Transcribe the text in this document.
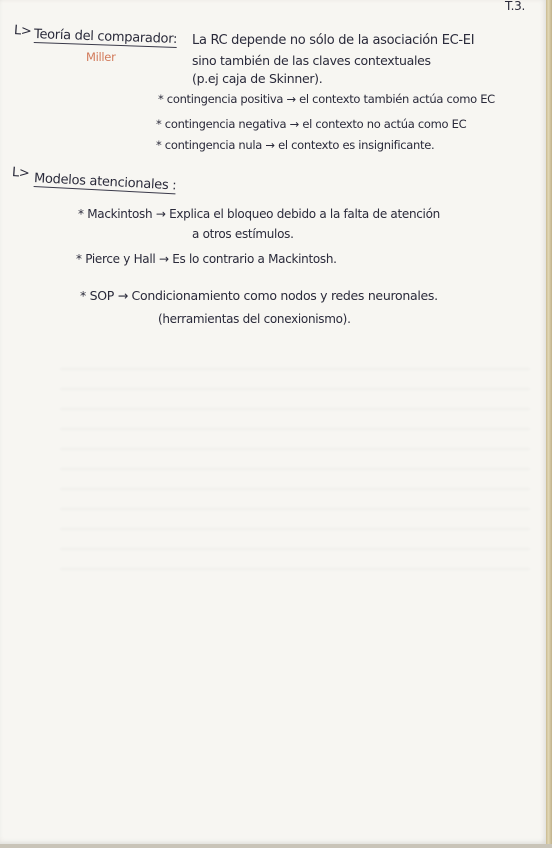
T.3.
L> Teoría del comparador:
Miller
La RC depende no sólo de la asociación EC-EI
sino también de las claves contextuales
(p.ej caja de Skinner).
* contingencia positiva → el contexto también actúa como EC
* contingencia negativa → el contexto no actúa como EC
* contingencia nula → el contexto es insignificante.
L> Modelos atencionales :
* Mackintosh → Explica el bloqueo debido a la falta de atención
a otros estímulos.
* Pierce y Hall → Es lo contrario a Mackintosh.
* SOP → Condicionamiento como nodos y redes neuronales.
(herramientas del conexionismo).
